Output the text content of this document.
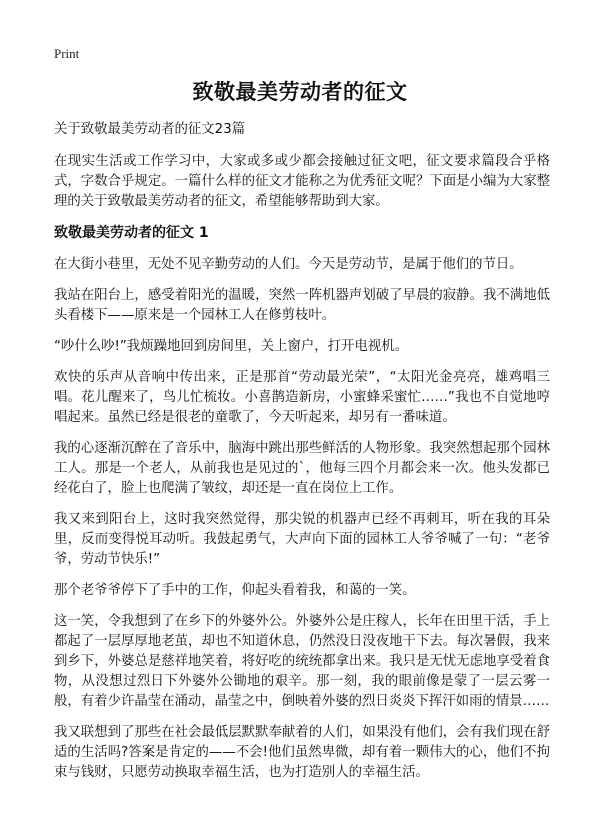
Print
致敬最美劳动者的征文
关于致敬最美劳动者的征文23篇

在现实生活或工作学习中，大家或多或少都会接触过征文吧，征文要求篇段合乎格式，字数合乎规定。一篇什么样的征文才能称之为优秀征文呢？下面是小编为大家整理的关于致敬最美劳动者的征文，希望能够帮助到大家。

致敬最美劳动者的征文 1

在大街小巷里，无处不见辛勤劳动的人们。今天是劳动节，是属于他们的节日。

我站在阳台上，感受着阳光的温暖，突然一阵机器声划破了早晨的寂静。我不满地低头看楼下——原来是一个园林工人在修剪枝叶。

“吵什么吵!”我烦躁地回到房间里，关上窗户，打开电视机。

欢快的乐声从音响中传出来，正是那首“劳动最光荣”，“太阳光金亮亮，雄鸡唱三唱。花儿醒来了，鸟儿忙梳妆。小喜鹊造新房，小蜜蜂采蜜忙……”我也不自觉地哼唱起来。虽然已经是很老的童歌了，今天听起来，却另有一番味道。

我的心逐渐沉醉在了音乐中，脑海中跳出那些鲜活的人物形象。我突然想起那个园林工人。那是一个老人，从前我也是见过的`，他每三四个月都会来一次。他头发都已经花白了，脸上也爬满了皱纹，却还是一直在岗位上工作。

我又来到阳台上，这时我突然觉得，那尖锐的机器声已经不再刺耳，听在我的耳朵里，反而变得悦耳动听。我鼓起勇气，大声向下面的园林工人爷爷喊了一句：“老爷爷，劳动节快乐!”

那个老爷爷停下了手中的工作，仰起头看着我，和蔼的一笑。

这一笑，令我想到了在乡下的外婆外公。外婆外公是庄稼人，长年在田里干活，手上都起了一层厚厚地老茧，却也不知道休息，仍然没日没夜地干下去。每次暑假，我来到乡下，外婆总是慈祥地笑着，将好吃的统统都拿出来。我只是无忧无虑地享受着食物，从没想过烈日下外婆外公锄地的艰辛。那一刻，我的眼前像是蒙了一层云雾一般，有着少许晶莹在涌动，晶莹之中，倒映着外婆的烈日炎炎下挥汗如雨的情景……

我又联想到了那些在社会最低层默默奉献着的人们，如果没有他们，会有我们现在舒适的生活吗?答案是肯定的——不会!他们虽然卑微，却有着一颗伟大的心，他们不拘束与钱财，只愿劳动换取幸福生活，也为打造别人的幸福生活。
